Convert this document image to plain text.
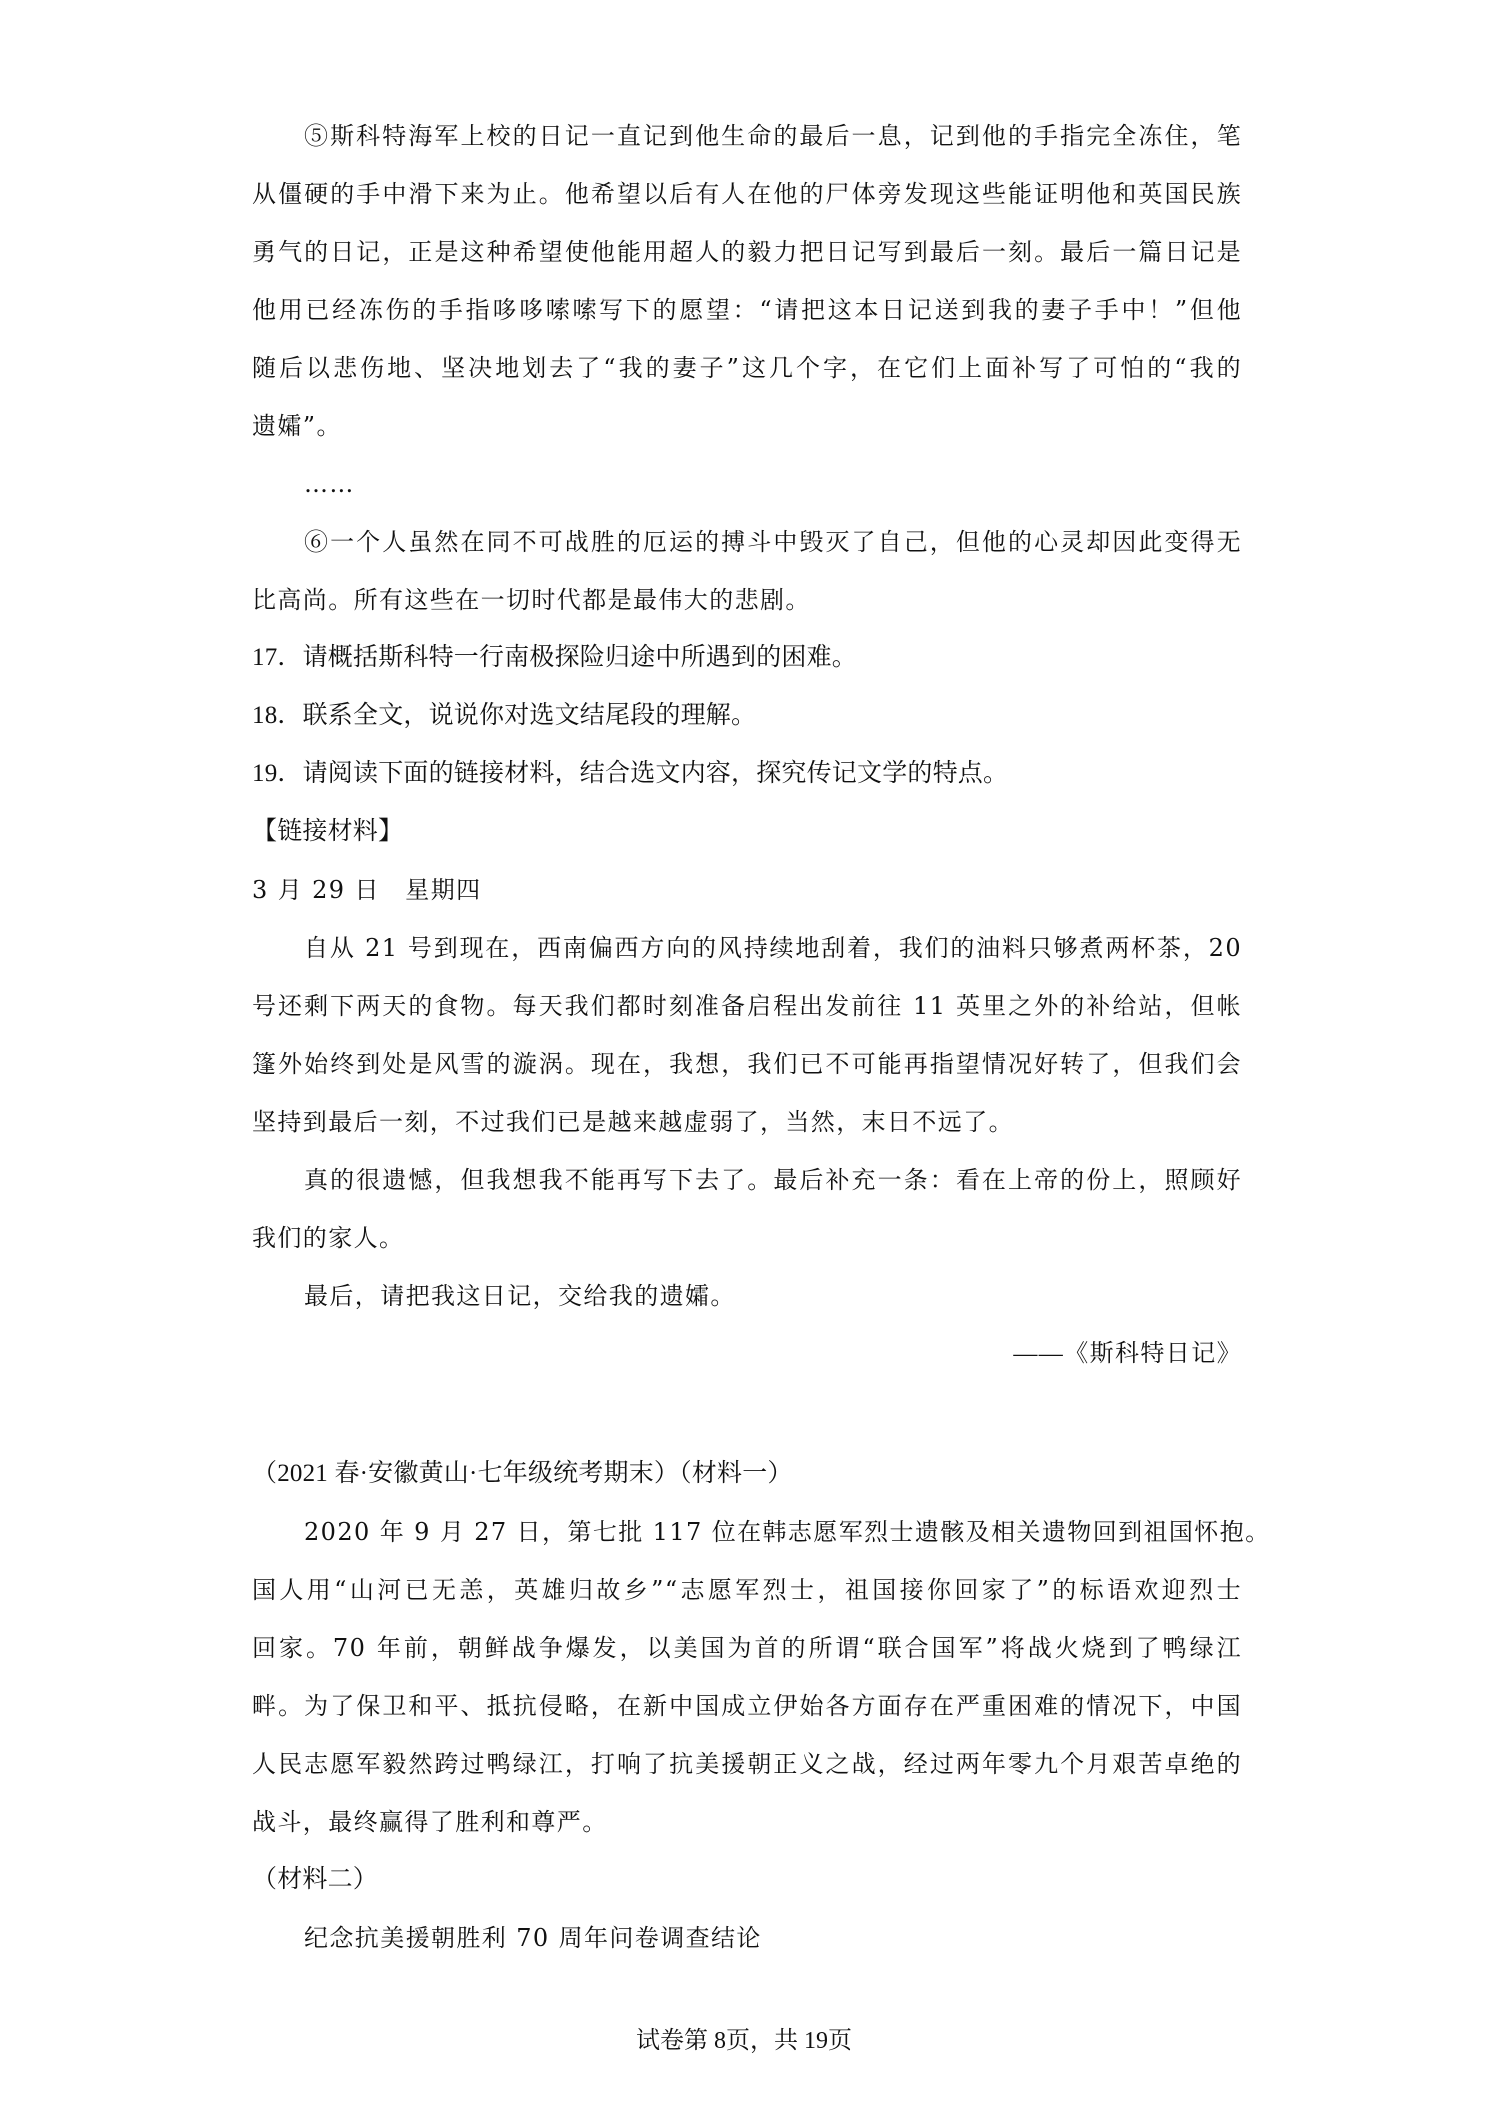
⑤斯科特海军上校的日记一直记到他生命的最后一息，记到他的手指完全冻住，笔
从僵硬的手中滑下来为止。他希望以后有人在他的尸体旁发现这些能证明他和英国民族
勇气的日记，正是这种希望使他能用超人的毅力把日记写到最后一刻。最后一篇日记是
他用已经冻伤的手指哆哆嗦嗦写下的愿望：“请把这本日记送到我的妻子手中！”但他
随后以悲伤地、坚决地划去了“我的妻子”这几个字，在它们上面补写了可怕的“我的
遗孀”。
……
⑥一个人虽然在同不可战胜的厄运的搏斗中毁灭了自己，但他的心灵却因此变得无
比高尚。所有这些在一切时代都是最伟大的悲剧。
17．请概括斯科特一行南极探险归途中所遇到的困难。
18．联系全文，说说你对选文结尾段的理解。
19．请阅读下面的链接材料，结合选文内容，探究传记文学的特点。
【链接材料】
3 月 29 日　星期四
自从 21 号到现在，西南偏西方向的风持续地刮着，我们的油料只够煮两杯茶，20
号还剩下两天的食物。每天我们都时刻准备启程出发前往 11 英里之外的补给站，但帐
篷外始终到处是风雪的漩涡。现在，我想，我们已不可能再指望情况好转了，但我们会
坚持到最后一刻，不过我们已是越来越虚弱了，当然，末日不远了。
真的很遗憾，但我想我不能再写下去了。最后补充一条：看在上帝的份上，照顾好
我们的家人。
最后，请把我这日记，交给我的遗孀。
——《斯科特日记》
（2021 春·安徽黄山·七年级统考期末）（材料一）
2020 年 9 月 27 日，第七批 117 位在韩志愿军烈士遗骸及相关遗物回到祖国怀抱。
国人用“山河已无恙，英雄归故乡”“志愿军烈士，祖国接你回家了”的标语欢迎烈士
回家。70 年前，朝鲜战争爆发，以美国为首的所谓“联合国军”将战火烧到了鸭绿江
畔。为了保卫和平、抵抗侵略，在新中国成立伊始各方面存在严重困难的情况下，中国
人民志愿军毅然跨过鸭绿江，打响了抗美援朝正义之战，经过两年零九个月艰苦卓绝的
战斗，最终赢得了胜利和尊严。
（材料二）
纪念抗美援朝胜利 70 周年问卷调查结论
试卷第 8页，共 19页
